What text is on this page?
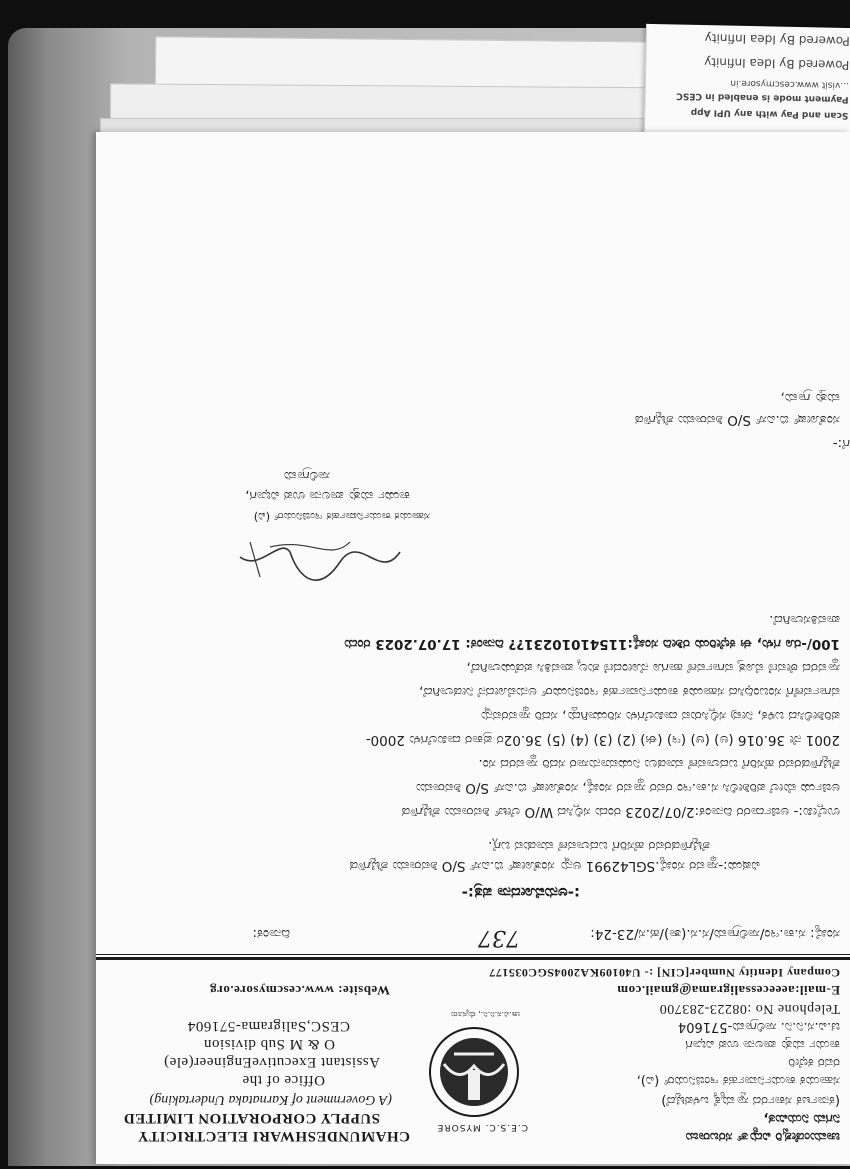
Powered By Idea Infinity
Powered By Idea Infinity
...visit www.cescmysore.in
Payment mode is enabled in CESC
Scan and Pay with any UPI App
ಚಾಮುಂಡೇಶ್ವರಿ ವಿದ್ಯುತ್ ಸರಬರಾಜು
ನಿಗಮ ನಿಯಮಿತ,
(ಕರ್ನಾಟಕ ಸರ್ಕಾರದ ಸ್ವಾಮ್ಯಕ್ಕೆ ಒಳಪಟ್ಟಿದೆ)
ಸಹಾಯಕ ಕಾರ್ಯನಿರ್ವಾಹಕ ಇಂಜಿನಿಯರ್ (ವಿ),
ರವರ ಕಛೇರಿ
ಕಾರ್ಯ ಮತ್ತು ಪಾಲನಾ ಉಪ ವಿಭಾಗ
ಚ.ವಿ.ಸ.ನಿ.ನಿ. ಸಾಲಿಗ್ರಾಮ-571604
C.E.S.C. MYSORE
ಚಾ.ವಿ.ಸ.ನಿ.ನಿ., ಮೈಸೂರು
CHAMUNDESHWARI ELECTRICITY
SUPPLY CORPORATION LIMITED
(A Government of Karnataka Undertaking)
Office of the
Assistant ExecutiveEngineer(ele)
O & M Sub division
CESC,Saligrama-571604
Telephone No :08223-283700
E-mail:aeeecessaligrama@gmail.com
Website: www.cescmysore.org
Company Identity Number[CIN] :- U40109KA2004SGC035177
ಸಂಖ್ಯೆ: ಸ.ಕಾ.ಇಂ/ಸಾಲಿಗ್ರಾಮ/ಸ.ಸ.(ತಾ)/ಹ.ಸ/23-24:
737
ದಿನಾಂಕ:
:-ಅನುಮೋದನಾ ಪತ್ರ:-
ವಿಷಯ:-ಸ್ಥಾವರ ಸಂಖ್ಯೆ.SGL42991 ಅನ್ನು ಸಂತೋಷ್ ಬಿ.ಎಸ್ S/O ಶಿವರಾಮು ಶೆಟ್ಟಿಗೌಡ
ಶೆಟ್ಟಿಗೌಡರವರ ಹೆಸರಿಗೆ ಬದಲಾವಣೆ ಮಾಡುವ ಬಗ್ಗೆ.
ಉಲ್ಲೇಖ:- ಅರ್ಜಿದಾರರ ದಿನಾಂಕ:2/07/2023 ರಂದು ಸಲ್ಲಿಸಿದ W/O ಲೇಟ್ ಶಿವರಾಮು ಶೆಟ್ಟಿಗೌಡ
ಅರ್ಜಿಯ ಮೇಲೆ ಪರಿಶೀಲಿಸಿ ಸ.ಕಾ.ಇಂ ರವರ ಸ್ಥಾವರ ಸಂಖ್ಯೆ, ಸಂತೋಷ್ ಬಿ.ಎಸ್ S/O ಶಿವರಾಮು
ಶೆಟ್ಟಿಗೌಡರವರ ಹೆಸರಿಗೆ ಬದಲಾವಣೆ ಮಾಡಲು ನಿಯಮಾನುಸಾರ ಸದರಿ ಸ್ಥಾವರದ ಸಂ.
2001 ನೇ 36.016 (ಅ) (ಆ) (ಇ) (ಈ) (2) (3) (4) (5) 36.02ರ ಪ್ರಕಾರ ದಾಖಲೆಗಳು 2000-
ಪರಿಶೀಲಿಸಿದ ಬಳಿಕ, ನೀವು ಸಲ್ಲಿಸಿರುವ ದಾಖಲೆಗಳು ಸರಿಯಾಗಿದ್ದು, ಸದರಿ ಸ್ಥಾವರವನ್ನು
ವರ್ಗಾವಣೆಗೆ ಸಂಬಂಧಿಸಿದ ಸಹಾಯಕ ಕಾರ್ಯನಿರ್ವಾಹಕ ಇಂಜಿನಿಯರ್ ಅನುಮೋದನೆ ನೀಡಲಾಗಿದೆ,
ಸ್ಥಾವರದ ಠೇವಣಿ ಮೊತ್ತ ವರ್ಗಾವಣೆ ಹಾಗೂ ನೋಂದಣಿ ಶುಲ್ಕ ಪಾವತಿಸಿ ಪಡೆಯಲಾಗಿದೆ,
100/-ರೂ ಗಳು, ಈ ಕಛೇರಿಯ ರಶೀದಿ ಸಂಖ್ಯೆ:11541010231?? ದಿನಾಂಕ: 17.07.2023 ರಂದು
ಪಾವತಿಸಲಾಗಿದೆ.
ಸಹಾಯಕ ಕಾರ್ಯನಿರ್ವಾಹಕ ಇಂಜಿನಿಯರ್ (ವಿ)
ಕಾರ್ಯ ಮತ್ತು ಪಾಲನಾ ಉಪ ವಿಭಾಗ,
ಸಾಲಿಗ್ರಾಮ
ಗೆ:-
ಸಂತೋಷ್ ಬಿ.ಎಸ್ S/O ಶಿವರಾಮು ಶೆಟ್ಟಿಗೌಡ
ಮತ್ತು ಗ್ರಾಮ,
